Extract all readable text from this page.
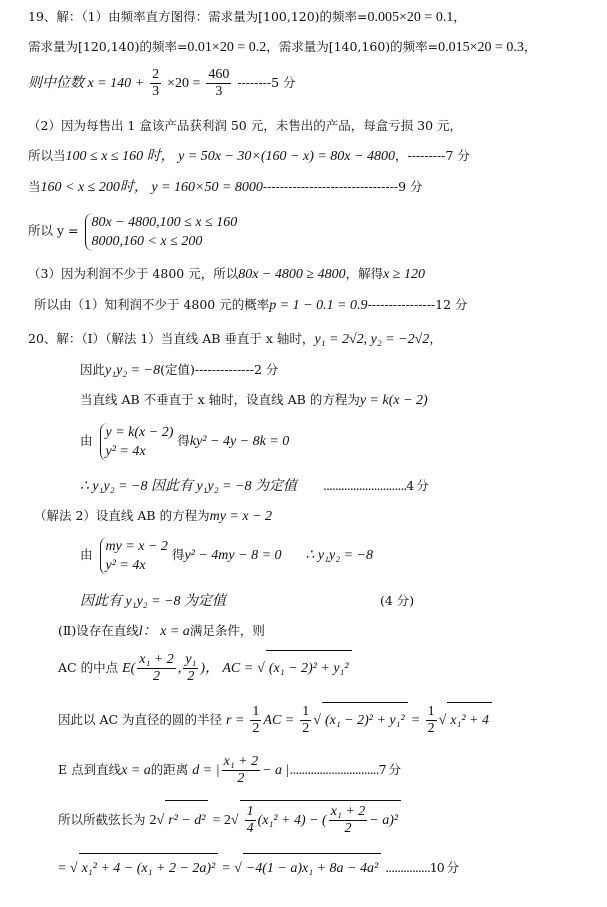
19、解：（1）由频率直方图得：需求量为[100,120)的频率=0.005×20 = 0.1，
需求量为[120,140)的频率=0.01×20 = 0.2，需求量为[140,160)的频率=0.015×20 = 0.3，
则中位数 $x = 140 + \frac{2}{3} \times 20 = \frac{460}{3} --------5$ 分
（2）因为每售出 1 盒该产品获利润 50 元，未售出的产品，每盒亏损 30 元，
所以当100 ≤ x ≤ 160 时， y = 50x − 30×(160 − x) = 80x − 4800，---------7 分
当160 < x ≤ 200时， y = 160×50 = 8000--------------------------------9 分
所以 y =
80x − 4800,100 ≤ x ≤ 160
8000,160 < x ≤ 200
（3）因为利润不少于 4800 元，所以80x − 4800 ≥ 4800，解得x ≥ 120
所以由（1）知利润不少于 4800 元的概率p = 1 − 0.1 = 0.9----------------12 分
20、解：（Ⅰ）（解法 1）当直线 AB 垂直于 x 轴时，y₁ = 2√2, y₂ = −2√2，
因此y₁y₂ = −8(定值)--------------2 分
当直线 AB 不垂直于 x 轴时，设直线 AB 的方程为y = k(x − 2)
由
y = k(x − 2)
y² = 4x
得ky² − 4y − 8k = 0
∴ y₁y₂ = −8 因此有 y₁y₂ = −8 为定值 ............................4 分
（解法 2）设直线 AB 的方程为my = x − 2
由
my = x − 2
y² = 4x
得y² − 4my − 8 = 0 ∴ y₁y₂ = −8
因此有 y₁y₂ = −8 为定值	(4 分)
(Ⅱ)设存在直线l： x = a满足条件，则
AC 的中点 $E( \frac{\text{x₁ + 2}}{2}$ , $\frac{\text{y₁}}{2}$ )， AC = √ (x₁ − 2)² + y₁²
因此以 AC 为直径的圆的半径 $r = \frac{1}{2}$ AC = $\frac{1}{2}$ √ $(x_1 - 2)^2 + y_1^2 = \frac{1}{2}$ √ x₁² + 4
E 点到直线x = a的距离 d = | $\frac{\text{x₁ + 2}}{2} - a$ |..............................7 分
所以所截弦长为 2 √ $r^2 - d^2 = 2√ \frac{1}{4} (x_1^2 + 4)$ − ( $\frac{\text{x₁ + 2}}{2} - a)^2$
= √ x₁² + 4 − (x₁ + 2 − 2a)² = √ −4(1 − a)x₁ + 8a − 4a² ...............10 分
